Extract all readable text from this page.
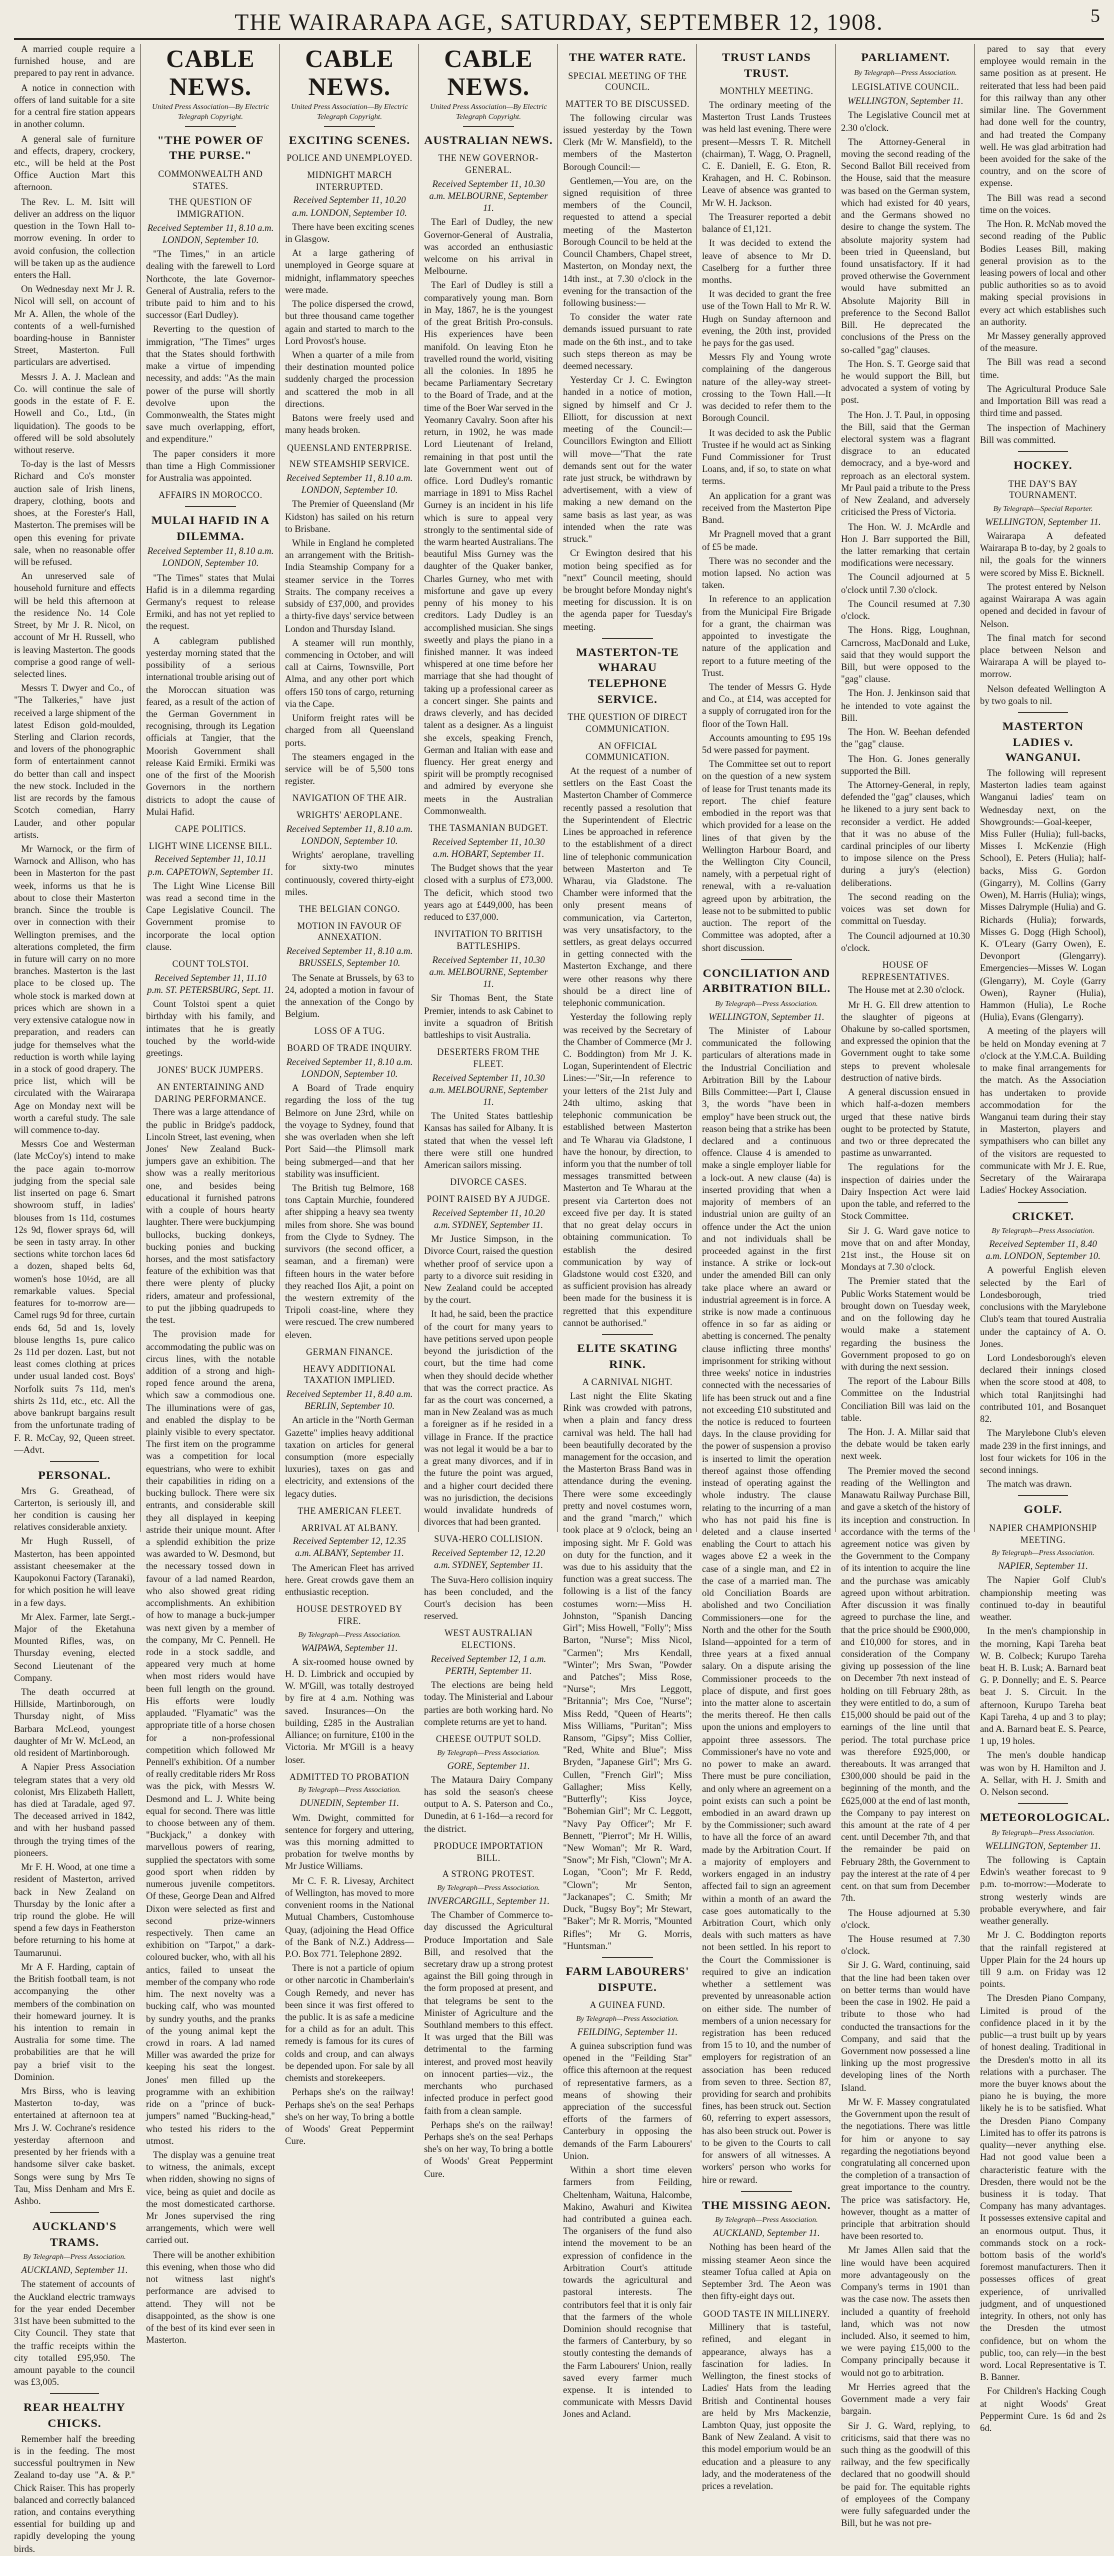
THE WAIRARAPA AGE, SATURDAY, SEPTEMBER 12, 1908.	5

A married couple require a furnished house, and are prepared to pay rent in advance.

A notice in connection with offers of land suitable for a site for a central fire station appears in another column.

A general sale of furniture and effects, drapery, crockery, etc., will be held at the Post Office Auction Mart this afternoon.

The Rev. L. M. Isitt will deliver an address on the liquor question in the Town Hall to-morrow evening. In order to avoid confusion, the collection will be taken up as the audience enters the Hall.

On Wednesday next Mr J. R. Nicol will sell, on account of Mr A. Allen, the whole of the contents of a well-furnished boarding-house in Bannister Street, Masterton. Full particulars are advertised.

Messrs J. A. J. Maclean and Co. will continue the sale of goods in the estate of F. E. Howell and Co., Ltd., (in liquidation). The goods to be offered will be sold absolutely without reserve.

To-day is the last of Messrs Richard and Co's monster auction sale of Irish linens, drapery, clothing, boots and shoes, at the Forester's Hall, Masterton. The premises will be open this evening for private sale, when no reasonable offer will be refused.

An unreserved sale of household furniture and effects will be held this afternoon at the residence No. 14 Cole Street, by Mr J. R. Nicol, on account of Mr H. Russell, who is leaving Masterton. The goods comprise a good range of well-selected lines.

Messrs T. Dwyer and Co., of "The Talkeries," have just received a large shipment of the latest Edison gold-moulded, Sterling and Clarion records, and lovers of the phonographic form of entertainment cannot do better than call and inspect the new stock. Included in the list are records by the famous Scotch comedian, Harry Lauder, and other popular artists.

Mr Warnock, or the firm of Warnock and Allison, who has been in Masterton for the past week, informs us that he is about to close their Masterton branch. Since the trouble is over in connection with their Wellington premises, and the alterations completed, the firm in future will carry on no more branches. Masterton is the last place to be closed up. The whole stock is marked down at prices which are shown in a very extensive catalogue now in preparation, and readers can judge for themselves what the reduction is worth while laying in a stock of good drapery. The price list, which will be circulated with the Wairarapa Age on Monday next will be worth a careful study. The sale will commence to-day.

Messrs Coe and Westerman (late McCoy's) intend to make the pace again to-morrow judging from the special sale list inserted on page 6. Smart showroom stuff, in ladies' blouses from 1s 11d, costumes 12s 9d, flower sprays 6d, will be seen in tasty array. In other sections white torchon laces 6d a dozen, shaped belts 6d, women's hose 10½d, are all remarkable values. Special features for to-morrow are—Camel rugs 9d for three, curtain ends 6d, 5d and 1s, lovely blouse lengths 1s, pure calico 2s 11d per dozen. Last, but not least comes clothing at prices under usual landed cost. Boys' Norfolk suits 7s 11d, men's shirts 2s 11d, etc., etc. All the above bankrupt bargains result from the unfortunate trading of F. R. McCay, 92, Queen street.—Advt.

PERSONAL.

Mrs G. Greathead, of Carterton, is seriously ill, and her condition is causing her relatives considerable anxiety.

Mr Hugh Russell, of Masterton, has been appointed assistant cheesemaker at the Kaupokonui Factory (Taranaki), for which position he will leave in a few days.

Mr Alex. Farmer, late Sergt.-Major of the Eketahuna Mounted Rifles, was, on Thursday evening, elected Second Lieutenant of the Company.

The death occurred at Hillside, Martinborough, on Thursday night, of Miss Barbara McLeod, youngest daughter of Mr W. McLeod, an old resident of Martinborough.

A Napier Press Association telegram states that a very old colonist, Mrs Elizabeth Hallett, has died at Taradale, aged 97. The deceased arrived in 1842, and with her husband passed through the trying times of the pioneers.

Mr F. H. Wood, at one time a resident of Masterton, arrived back in New Zealand on Thursday by the Ionic after a trip round the globe. He will spend a few days in Featherston before returning to his home at Taumarunui.

Mr A F. Harding, captain of the British football team, is not accompanying the other members of the combination on their homeward journey. It is his intention to remain in Australia for some time. The probabilities are that he will pay a brief visit to the Dominion.

Mrs Birss, who is leaving Masterton to-day, was entertained at afternoon tea at Mrs J. W. Cochrane's residence yesterday afternoon and presented by her friends with a handsome silver cake basket. Songs were sung by Mrs Te Tau, Miss Denham and Mrs E. Ashbo.

AUCKLAND'S TRAMS.
By Telegraph—Press Association.

AUCKLAND, September 11.

The statement of accounts of the Auckland electric tramways for the year ended December 31st have been submitted to the City Council. They state that the traffic receipts within the city totalled £95,950. The amount payable to the council was £3,005.

REAR HEALTHY CHICKS.

Remember half the breeding is in the feeding. The most successful poultrymen in New Zealand to-day use "A. & P." Chick Raiser. This has properly balanced and correctly balanced ration, and contains everything essential for building up and rapidly developing the young birds.

CABLE NEWS.
United Press Association—By Electric Telegraph Copyright.
"THE POWER OF THE PURSE."
COMMONWEALTH AND STATES.
THE QUESTION OF IMMIGRATION.

Received September 11, 8.10 a.m. LONDON, September 10.

"The Times," in an article dealing with the farewell to Lord Northcote, the late Governor-General of Australia, refers to the tribute paid to him and to his successor (Earl Dudley).

Reverting to the question of immigration, "The Times" urges that the States should forthwith make a virtue of impending necessity, and adds: "As the main power of the purse will shortly devolve upon the Commonwealth, the States might save much overlapping, effort, and expenditure."

The paper considers it more than time a High Commissioner for Australia was appointed.

AFFAIRS IN MOROCCO.
MULAI HAFID IN A DILEMMA.

Received September 11, 8.10 a.m. LONDON, September 10.

"The Times" states that Mulai Hafid is in a dilemma regarding Germany's request to release Ermiki, and has not yet replied to the request.

A cablegram published yesterday morning stated that the possibility of a serious international trouble arising out of the Moroccan situation was feared, as a result of the action of the German Government in recognising, through its Legation officials at Tangier, that the Moorish Government shall release Kaid Ermiki. Ermiki was one of the first of the Moorish Governors in the northern districts to adopt the cause of Mulai Hafid.

CAPE POLITICS.
LIGHT WINE LICENSE BILL.

Received September 11, 10.11 p.m. CAPETOWN, September 11.

The Light Wine License Bill was read a second time in the Cape Legislative Council. The Government promise to incorporate the local option clause.

COUNT TOLSTOI.

Received September 11, 11.10 p.m. ST. PETERSBURG, Sept. 11.

Count Tolstoi spent a quiet birthday with his family, and intimates that he is greatly touched by the world-wide greetings.

JONES' BUCK JUMPERS.
AN ENTERTAINING AND DARING PERFORMANCE.

There was a large attendance of the public in Bridge's paddock, Lincoln Street, last evening, when Jones' New Zealand Buck-jumpers gave an exhibition. The show was a really meritorious one, and besides being educational it furnished patrons with a couple of hours hearty laughter. There were buckjumping bullocks, bucking donkeys, bucking ponies and bucking horses, and the most satisfactory feature of the exhibition was that there were plenty of plucky riders, amateur and professional, to put the jibbing quadrupeds to the test.

The provision made for accommodating the public was on circus lines, with the notable addition of a strong and high-roped fence around the arena, which saw a commodious one. The illuminations were of gas, and enabled the display to be plainly visible to every spectator. The first item on the programme was a competition for local equestrians, who were to exhibit their capabilities in riding on a bucking bullock. There were six entrants, and considerable skill they all displayed in keeping astride their unique mount. After a splendid exhibition the prize was awarded to W. Desmond, but the necessary tossed down in favour of a lad named Reardon, who also showed great riding accomplishments. An exhibition of how to manage a buck-jumper was next given by a member of the company, Mr C. Pennell. He rode in a stock saddle, and appeared very much at home when most riders would have been full length on the ground. His efforts were loudly applauded. "Flyamatic" was the appropriate title of a horse chosen for a non-professional competition which followed Mr Pennell's exhibition. Of a number of really creditable riders Mr Ross was the pick, with Messrs W. Desmond and L. J. White being equal for second. There was little to choose between any of them. "Buckjack," a donkey with marvellous powers of rearing, supplied the spectators with some good sport when ridden by numerous juvenile competitors. Of these, George Dean and Alfred Dixon were selected as first and second prize-winners respectively. Then came an exhibition on "Tarpot," a dark-coloured bucker, who, with all his antics, failed to unseat the member of the company who rode him. The next novelty was a bucking calf, who was mounted by sundry youths, and the pranks of the young animal kept the crowd in roars. A lad named Miller was awarded the prize for keeping his seat the longest. Jones' men filled up the programme with an exhibition ride on a "prince of buck-jumpers" named "Bucking-head," who tested his riders to the utmost.

The display was a genuine treat to witness, the animals, except when ridden, showing no signs of vice, being as quiet and docile as the most domesticated carthorse. Mr Jones supervised the ring arrangements, which were well carried out.

There will be another exhibition this evening, when those who did not witness last night's performance are advised to attend. They will not be disappointed, as the show is one of the best of its kind ever seen in Masterton.

CABLE NEWS.
United Press Association—By Electric Telegraph Copyright.
EXCITING SCENES.
POLICE AND UNEMPLOYED.
MIDNIGHT MARCH INTERRUPTED.

Received September 11, 10.20 a.m. LONDON, September 10.

There have been exciting scenes in Glasgow.

At a large gathering of unemployed in George square at midnight, inflammatory speeches were made.

The police dispersed the crowd, but three thousand came together again and started to march to the Lord Provost's house.

When a quarter of a mile from their destination mounted police suddenly charged the procession and scattered the mob in all directions.

Batons were freely used and many heads broken.

QUEENSLAND ENTERPRISE.
NEW STEAMSHIP SERVICE.

Received September 11, 8.10 a.m. LONDON, September 10.

The Premier of Queensland (Mr Kidston) has sailed on his return to Brisbane.

While in England he completed an arrangement with the British-India Steamship Company for a steamer service in the Torres Straits. The company receives a subsidy of £37,000, and provides a thirty-five days' service between London and Thursday Island.

A steamer will run monthly, commencing in October, and will call at Cairns, Townsville, Port Alma, and any other port which offers 150 tons of cargo, returning via the Cape.

Uniform freight rates will be charged from all Queensland ports.

The steamers engaged in the service will be of 5,500 tons register.

NAVIGATION OF THE AIR.
WRIGHTS' AEROPLANE.

Received September 11, 8.10 a.m. LONDON, September 10.

Wrights' aeroplane, travelling for sixty-two minutes continuously, covered thirty-eight miles.

THE BELGIAN CONGO.
MOTION IN FAVOUR OF ANNEXATION.

Received September 11, 8.10 a.m. BRUSSELS, September 10.

The Senate at Brussels, by 63 to 24, adopted a motion in favour of the annexation of the Congo by Belgium.

LOSS OF A TUG.
BOARD OF TRADE INQUIRY.

Received September 11, 8.10 a.m. LONDON, September 10.

A Board of Trade enquiry regarding the loss of the tug Belmore on June 23rd, while on the voyage to Sydney, found that she was overladen when she left Port Said—the Plimsoll mark being submerged—and that her stability was insufficient.

The British tug Belmore, 168 tons Captain Murchie, foundered after shipping a heavy sea twenty miles from shore. She was bound from the Clyde to Sydney. The survivors (the second officer, a seaman, and a fireman) were fifteen hours in the water before they reached Ilos Ajit, a point on the western extremity of the Tripoli coast-line, where they were rescued. The crew numbered eleven.

GERMAN FINANCE.
HEAVY ADDITIONAL TAXATION IMPLIED.

Received September 11, 8.40 a.m. BERLIN, September 10.

An article in the "North German Gazette" implies heavy additional taxation on articles for general consumption (more especially luxuries), taxes on gas and electricity, and extensions of the legacy duties.

THE AMERICAN FLEET.
ARRIVAL AT ALBANY.

Received September 12, 12.35 a.m. ALBANY, September 11.

The American Fleet has arrived here. Great crowds gave them an enthusiastic reception.

HOUSE DESTROYED BY FIRE.
By Telegraph—Press Association.

WAIPAWA, September 11.

A six-roomed house owned by H. D. Limbrick and occupied by W. M'Gill, was totally destroyed by fire at 4 a.m. Nothing was saved. Insurances—On the building, £285 in the Australian Alliance; on furniture, £100 in the Victoria. Mr M'Gill is a heavy loser.

ADMITTED TO PROBATION
By Telegraph—Press Association.

DUNEDIN, September 11.

Wm. Dwight, committed for sentence for forgery and uttering, was this morning admitted to probation for twelve months by Mr Justice Williams.

Mr C. F. R. Livesay, Architect of Wellington, has moved to more convenient rooms in the National Mutual Chambers, Customhouse Quay, (adjoining the Head Office of the Bank of N.Z.) Address—P.O. Box 771. Telephone 2892.

There is not a particle of opium or other narcotic in Chamberlain's Cough Remedy, and never has been since it was first offered to the public. It is as safe a medicine for a child as for an adult. This remedy is famous for its cures of colds and croup, and can always be depended upon. For sale by all chemists and storekeepers.

Perhaps she's on the railway! Perhaps she's on the sea! Perhaps she's on her way, To bring a bottle of Woods' Great Peppermint Cure.

CABLE NEWS.
United Press Association—By Electric Telegraph Copyright.
AUSTRALIAN NEWS.
THE NEW GOVERNOR-GENERAL.

Received September 11, 10.30 a.m. MELBOURNE, September 11.

The Earl of Dudley, the new Governor-General of Australia, was accorded an enthusiastic welcome on his arrival in Melbourne.

The Earl of Dudley is still a comparatively young man. Born in May, 1867, he is the youngest of the great British Pro-consuls. His experiences have been manifold. On leaving Eton he travelled round the world, visiting all the colonies. In 1895 he became Parliamentary Secretary to the Board of Trade, and at the time of the Boer War served in the Yeomanry Cavalry. Soon after his return, in 1902, he was made Lord Lieutenant of Ireland, remaining in that post until the late Government went out of office. Lord Dudley's romantic marriage in 1891 to Miss Rachel Gurney is an incident in his life which is sure to appeal very strongly to the sentimental side of the warm hearted Australians. The beautiful Miss Gurney was the daughter of the Quaker banker, Charles Gurney, who met with misfortune and gave up every penny of his money to his creditors. Lady Dudley is an accomplished musician. She sings sweetly and plays the piano in a finished manner. It was indeed whispered at one time before her marriage that she had thought of taking up a professional career as a concert singer. She paints and draws cleverly, and has decided talent as a designer. As a linguist she excels, speaking French, German and Italian with ease and fluency. Her great energy and spirit will be promptly recognised and admired by everyone she meets in the Australian Commonwealth.

THE TASMANIAN BUDGET.

Received September 11, 10.30 a.m. HOBART, September 11.

The Budget shows that the year closed with a surplus of £73,000. The deficit, which stood two years ago at £449,000, has been reduced to £37,000.

INVITATION TO BRITISH BATTLESHIPS.

Received September 11, 10.30 a.m. MELBOURNE, September 11.

Sir Thomas Bent, the State Premier, intends to ask Cabinet to invite a squadron of British battleships to visit Australia.

DESERTERS FROM THE FLEET.

Received September 11, 10.30 a.m. MELBOURNE, September 11.

The United States battleship Kansas has sailed for Albany. It is stated that when the vessel left there were still one hundred American sailors missing.

DIVORCE CASES.
POINT RAISED BY A JUDGE.

Received September 11, 10.20 a.m. SYDNEY, September 11.

Mr Justice Simpson, in the Divorce Court, raised the question whether proof of service upon a party to a divorce suit residing in New Zealand could be accepted by the court.

It had, he said, been the practice of the court for many years to have petitions served upon people beyond the jurisdiction of the court, but the time had come when they should decide whether that was the correct practice. As far as the court was concerned, a man in New Zealand was as much a foreigner as if he resided in a village in France. If the practice was not legal it would be a bar to a great many divorces, and if in the future the point was argued, and a higher court decided there was no jurisdiction, the decisions would invalidate hundreds of divorces that had been granted.

SUVA-HERO COLLISION.

Received September 12, 12.20 a.m. SYDNEY, September 11.

The Suva-Hero collision inquiry has been concluded, and the Court's decision has been reserved.

WEST AUSTRALIAN ELECTIONS.

Received September 12, 1 a.m. PERTH, September 11.

The elections are being held today. The Ministerial and Labour parties are both working hard. No complete returns are yet to hand.

CHEESE OUTPUT SOLD.
By Telegraph—Press Association.

GORE, September 11.

The Mataura Dairy Company has sold the season's cheese output to A. S. Paterson and Co., Dunedin, at 6 1-16d—a record for the district.

PRODUCE IMPORTATION BILL.
A STRONG PROTEST.
By Telegraph—Press Association.

INVERCARGILL, September 11.

The Chamber of Commerce to-day discussed the Agricultural Produce Importation and Sale Bill, and resolved that the secretary draw up a strong protest against the Bill going through in the form proposed at present, and that telegrams be sent to the Minister of Agriculture and the Southland members to this effect. It was urged that the Bill was detrimental to the farming interest, and proved most heavily on innocent parties—viz., the merchants who purchased infected produce in perfect good faith from a clean sample.

Perhaps she's on the railway! Perhaps she's on the sea! Perhaps she's on her way, To bring a bottle of Woods' Great Peppermint Cure.

THE WATER RATE.
SPECIAL MEETING OF THE COUNCIL.
MATTER TO BE DISCUSSED.

The following circular was issued yesterday by the Town Clerk (Mr W. Mansfield), to the members of the Masterton Borough Council:—

Gentlemen,—You are, on the signed requisition of three members of the Council, requested to attend a special meeting of the Masterton Borough Council to be held at the Council Chambers, Chapel street, Masterton, on Monday next, the 14th inst., at 7.30 o'clock in the evening for the transaction of the following business:—

To consider the water rate demands issued pursuant to rate made on the 6th inst., and to take such steps thereon as may be deemed necessary.

Yesterday Cr J. C. Ewington handed in a notice of motion, signed by himself and Cr J. Elliott, for discussion at next meeting of the Council:—Councillors Ewington and Elliott will move—"That the rate demands sent out for the water rate just struck, be withdrawn by advertisement, with a view of making a new demand on the same basis as last year, as was intended when the rate was struck."

Cr Ewington desired that his motion being specified as for "next" Council meeting, should be brought before Monday night's meeting for discussion. It is on the agenda paper for Tuesday's meeting.

MASTERTON-TE WHARAU TELEPHONE SERVICE.
THE QUESTION OF DIRECT COMMUNICATION.
AN OFFICIAL COMMUNICATION.

At the request of a number of settlers on the East Coast the Masterton Chamber of Commerce recently passed a resolution that the Superintendent of Electric Lines be approached in reference to the establishment of a direct line of telephonic communication between Masterton and Te Wharau, via Gladstone. The Chamber were informed that the only present means of communication, via Carterton, was very unsatisfactory, to the settlers, as great delays occurred in getting connected with the Masterton Exchange, and there were other reasons why there should be a direct line of telephonic communication.

Yesterday the following reply was received by the Secretary of the Chamber of Commerce (Mr J. C. Boddington) from Mr J. K. Logan, Superintendent of Electric Lines:—"Sir,—In reference to your letters of the 21st July and 24th ultimo, asking that telephonic communication be established between Masterton and Te Wharau via Gladstone, I have the honour, by direction, to inform you that the number of toll messages transmitted between Masterton and Te Wharau at the present via Carterton does not exceed five per day. It is stated that no great delay occurs in obtaining communication. To establish the desired communication by way of Gladstone would cost £320, and as sufficient provision has already been made for the business it is regretted that this expenditure cannot be authorised."

ELITE SKATING RINK.
A CARNIVAL NIGHT.

Last night the Elite Skating Rink was crowded with patrons, when a plain and fancy dress carnival was held. The hall had been beautifully decorated by the management for the occasion, and the Masterton Brass Band was in attendance during the evening. There were some exceedingly pretty and novel costumes worn, and the grand "march," which took place at 9 o'clock, being an imposing sight. Mr F. Gold was on duty for the function, and it was due to his assiduity that the function was a great success. The following is a list of the fancy costumes worn:—Miss H. Johnston, "Spanish Dancing Girl"; Miss Howell, "Folly"; Miss Barton, "Nurse"; Miss Nicol, "Carmen"; Mrs Kendall, "Winter"; Mrs Swan, "Powder and Patches"; Miss Rose, "Nurse"; Mrs Leggott, "Britannia"; Mrs Coe, "Nurse"; Miss Redd, "Queen of Hearts"; Miss Williams, "Puritan"; Miss Ransom, "Gipsy"; Miss Collier, "Red, White and Blue"; Miss Bryden, "Japanese Girl"; Mrs G. Cullen, "French Girl"; Miss Gallagher; Miss Kelly, "Butterfly"; Kiss Joyce, "Bohemian Girl"; Mr C. Leggott, "Navy Pay Officer"; Mr F. Bennett, "Pierrot"; Mr H. Willis, "New Woman"; Mr R. Ward, "Snow"; Mr Fish, "Clown"; Mr A. Logan, "Coon"; Mr F. Redd, "Clown"; Mr Senton, "Jackanapes"; C. Smith; Mr Duck, "Bugsy Boy"; Mr Stewart, "Baker"; Mr R. Morris, "Mounted Rifles"; Mr G. Morris, "Huntsman."

FARM LABOURERS' DISPUTE.
A GUINEA FUND.
By Telegraph—Press Association.

FEILDING, September 11.

A guinea subscription fund was opened in the "Feilding Star" office this afternoon at the request of representative farmers, as a means of showing their appreciation of the successful efforts of the farmers of Canterbury in opposing the demands of the Farm Labourers' Union.

Within a short time eleven farmers from Feilding, Cheltenham, Waituna, Halcombe, Makino, Awahuri and Kiwitea had contributed a guinea each. The organisers of the fund also intend the movement to be an expression of confidence in the Arbitration Court's attitude towards the agricultural and pastoral interests. The contributors feel that it is only fair that the farmers of the whole Dominion should recognise that the farmers of Canterbury, by so stoutly contesting the demands of the Farm Labourers' Union, really saved every farmer much expense. It is intended to communicate with Messrs David Jones and Acland.

TRUST LANDS TRUST.
MONTHLY MEETING.

The ordinary meeting of the Masterton Trust Lands Trustees was held last evening. There were present—Messrs T. R. Mitchell (chairman), T. Wagg, O. Pragnell, C. E. Daniell, E. G. Eton, R. Krahagen, and H. C. Robinson. Leave of absence was granted to Mr W. H. Jackson.

The Treasurer reported a debit balance of £1,121.

It was decided to extend the leave of absence to Mr D. Caselberg for a further three months.

It was decided to grant the free use of the Town Hall to Mr R. W. Hugh on Sunday afternoon and evening, the 20th inst, provided he pays for the gas used.

Messrs Fly and Young wrote complaining of the dangerous nature of the alley-way street-crossing to the Town Hall.—It was decided to refer them to the Borough Council.

It was decided to ask the Public Trustee if he would act as Sinking Fund Commissioner for Trust Loans, and, if so, to state on what terms.

An application for a grant was received from the Masterton Pipe Band.

Mr Pragnell moved that a grant of £5 be made.

There was no seconder and the motion lapsed. No action was taken.

In reference to an application from the Municipal Fire Brigade for a grant, the chairman was appointed to investigate the nature of the application and report to a future meeting of the Trust.

The tender of Messrs G. Hyde and Co., at £14, was accepted for a supply of corrugated iron for the floor of the Town Hall.

Accounts amounting to £95 19s 5d were passed for payment.

The Committee set out to report on the question of a new system of lease for Trust tenants made its report. The chief feature embodied in the report was that which provided for a lease on the lines of that given by the Wellington Harbour Board, and the Wellington City Council, namely, with a perpetual right of renewal, with a re-valuation agreed upon by arbitration, the lease not to be submitted to public auction. The report of the Committee was adopted, after a short discussion.

CONCILIATION AND ARBITRATION BILL.
By Telegraph—Press Association.

WELLINGTON, September 11.

The Minister of Labour communicated the following particulars of alterations made in the Industrial Conciliation and Arbitration Bill by the Labour Bills Committee:—Part I, Clause 3, the words "have been in employ" have been struck out, the reason being that a strike has been declared and a continuous offence. Clause 4 is amended to make a single employer liable for a lock-out. A new clause (4a) is inserted providing that when a majority of members of an industrial union are guilty of an offence under the Act the union and not individuals shall be proceeded against in the first instance. A strike or lock-out under the amended Bill can only take place where an award or industrial agreement is in force. A strike is now made a continuous offence in so far as aiding or abetting is concerned. The penalty clause inflicting three months' imprisonment for striking without three weeks' notice in industries connected with the necessaries of life has been struck out and a fine not exceeding £10 substituted and the notice is reduced to fourteen days. In the clause providing for the power of suspension a proviso is inserted to limit the operation thereof against those offending instead of operating against the whole industry. The clause relating to the incurring of a man who has not paid his fine is deleted and a clause inserted enabling the Court to attach his wages above £2 a week in the case of a single man, and £2 in the case of a married man. The old Conciliation Boards are abolished and two Conciliation Commissioners—one for the North and the other for the South Island—appointed for a term of three years at a fixed annual salary. On a dispute arising the Commissioner proceeds to the place of dispute, and first goes into the matter alone to ascertain the merits thereof. He then calls upon the unions and employers to appoint three assessors. The Commissioner's have no vote and no power to make an award. There must be pure conciliation, and only where an agreement on a point exists can such a point be embodied in an award drawn up by the Commissioner; such award to have all the force of an award made by the Arbitration Court. If a majority of employers and workers engaged in an industry affected fail to sign an agreement within a month of an award the case goes automatically to the Arbitration Court, which only deals with such matters as have not been settled. In his report to the Court the Commissioner is required to give an indication whether a settlement was prevented by unreasonable action on either side. The number of members of a union necessary for registration has been reduced from 15 to 10, and the number of employers for registration of an association has been reduced from seven to three. Section 87, providing for search and prohibits fines, has been struck out. Section 60, referring to expert assessors, has also been struck out. Power is to be given to the Courts to call for answers of all witnesses. A workers' person who works for hire or reward.

THE MISSING AEON.
By Telegraph—Press Association.

AUCKLAND, September 11.

Nothing has been heard of the missing steamer Aeon since the steamer Tofua called at Apia on September 3rd. The Aeon was then fifty-eight days out.

GOOD TASTE IN MILLINERY.

Millinery that is tasteful, refined, and elegant in appearance, always has a fascination for ladies. In Wellington, the finest stocks of Ladies' Hats from the leading British and Continental houses are held by Mrs Mackenzie, Lambton Quay, just opposite the Bank of New Zealand. A visit to this model emporium would be an education and a pleasure to any lady, and the moderateness of the prices a revelation.

PARLIAMENT.
By Telegraph—Press Association.
LEGISLATIVE COUNCIL.

WELLINGTON, September 11.

The Legislative Council met at 2.30 o'clock.

The Attorney-General in moving the second reading of the Second Ballot Bill received from the House, said that the measure was based on the German system, which had existed for 40 years, and the Germans showed no desire to change the system. The absolute majority system had been tried in Queensland, but found unsatisfactory. If it had proved otherwise the Government would have submitted an Absolute Majority Bill in preference to the Second Ballot Bill. He deprecated the conclusions of the Press on the so-called "gag" clauses.

The Hon. S. T. George said that he would support the Bill, but advocated a system of voting by post.

The Hon. J. T. Paul, in opposing the Bill, said that the German electoral system was a flagrant disgrace to an educated democracy, and a bye-word and reproach as an electoral system. Mr Paul paid a tribute to the Press of New Zealand, and adversely criticised the Press of Victoria.

The Hon. W. J. McArdle and Hon J. Barr supported the Bill, the latter remarking that certain modifications were necessary.

The Council adjourned at 5 o'clock until 7.30 o'clock.

The Council resumed at 7.30 o'clock.

The Hons. Rigg, Loughnan, Carncross, MacDonald and Luke, said that they would support the Bill, but were opposed to the "gag" clause.

The Hon. J. Jenkinson said that he intended to vote against the Bill.

The Hon. W. Beehan defended the "gag" clause.

The Hon. G. Jones generally supported the Bill.

The Attorney-General, in reply, defended the "gag" clauses, which he likened to a jury sent back to reconsider a verdict. He added that it was no abuse of the cardinal principles of our liberty to impose silence on the Press during a jury's (election) deliberations.

The second reading on the voices was set down for committal on Tuesday.

The Council adjourned at 10.30 o'clock.

HOUSE OF REPRESENTATIVES.

The House met at 2.30 o'clock.

Mr H. G. Ell drew attention to the slaughter of pigeons at Ohakune by so-called sportsmen, and expressed the opinion that the Government ought to take some steps to prevent wholesale destruction of native birds.

A general discussion ensued in which half-a-dozen members urged that these native birds ought to be protected by Statute, and two or three deprecated the pastime as unwarranted.

The regulations for the inspection of dairies under the Dairy Inspection Act were laid upon the table, and referred to the Stock Committee.

Sir J. G. Ward gave notice to move that on and after Monday, 21st inst., the House sit on Mondays at 7.30 o'clock.

The Premier stated that the Public Works Statement would be brought down on Tuesday week, and on the following day he would make a statement regarding the business the Government proposed to go on with during the next session.

The report of the Labour Bills Committee on the Industrial Conciliation Bill was laid on the table.

The Hon. J. A. Millar said that the debate would be taken early next week.

The Premier moved the second reading of the Wellington and Manawatu Railway Purchase Bill, and gave a sketch of the history of its inception and construction. In accordance with the terms of the agreement notice was given by the Government to the Company of its intention to acquire the line and the purchase was amicably agreed upon without arbitration. After discussion it was finally agreed to purchase the line, and that the price should be £900,000, and £10,000 for stores, and in consideration of the Company giving up possession of the line on December 7th next instead of holding on till February 28th, as they were entitled to do, a sum of £15,000 should be paid out of the earnings of the line until that period. The total purchase price was therefore £925,000, or thereabouts. It was arranged that £300,000 should be paid in the beginning of the month, and the £625,000 at the end of last month, the Company to pay interest on this amount at the rate of 4 per cent. until December 7th, and that the remainder be paid on February 28th, the Government to pay the interest at the rate of 4 per cent. on that sum from December 7th.

The House adjourned at 5.30 o'clock.

The House resumed at 7.30 o'clock.

Sir J. G. Ward, continuing, said that the line had been taken over on better terms than would have been the case in 1902. He paid a tribute to those who had conducted the transactions for the Company, and said that the Government now possessed a line linking up the most progressive developing lines of the North Island.

Mr W. F. Massey congratulated the Government upon the result of the negotiations. There was little for him or anyone to say regarding the negotiations beyond congratulating all concerned upon the completion of a transaction of great importance to the country. The price was satisfactory. He, however, thought as a matter of principle that arbitration should have been resorted to.

Mr James Allen said that the line would have been acquired more advantageously on the Company's terms in 1901 than was the case now. The assets then included a quantity of freehold land, which was not now included. Also, it seemed to him, we were paying £15,000 to the Company principally because it would not go to arbitration.

Mr Herries agreed that the Government made a very fair bargain.

Sir J. G. Ward, replying, to criticisms, said that there was no such thing as the goodwill of this railway, and the few specifically declared that no goodwill should be paid for. The equitable rights of employees of the Company were fully safeguarded under the Bill, but he was not pre-

pared to say that every employee would remain in the same position as at present. He reiterated that less had been paid for this railway than any other similar line. The Government had done well for the country, and had treated the Company well. He was glad arbitration had been avoided for the sake of the country, and on the score of expense.

The Bill was read a second time on the voices.

The Hon. R. McNab moved the second reading of the Public Bodies Leases Bill, making general provision as to the leasing powers of local and other public authorities so as to avoid making special provisions in every act which establishes such an authority.

Mr Massey generally approved of the measure.

The Bill was read a second time.

The Agricultural Produce Sale and Importation Bill was read a third time and passed.

The inspection of Machinery Bill was committed.

HOCKEY.
THE DAY'S BAY TOURNAMENT.
By Telegraph—Special Reporter.

WELLINGTON, September 11.

Wairarapa A defeated Wairarapa B to-day, by 2 goals to nil, the goals for the winners were scored by Miss E. Bicknell.

The protest entered by Nelson against Wairarapa A was again opened and decided in favour of Nelson.

The final match for second place between Nelson and Wairarapa A will be played to-morrow.

Nelson defeated Wellington A by two goals to nil.

MASTERTON LADIES v. WANGANUI.

The following will represent Masterton ladies team against Wanganui ladies' team on Wednesday next, on the Showgrounds:—Goal-keeper, Miss Fuller (Hulia); full-backs, Misses I. McKenzie (High School), E. Peters (Hulia); half-backs, Miss G. Gordon (Gingarry), M. Collins (Garry Owen), M. Harris (Hulia); wings, Misses Dalrymple (Hulia) and G. Richards (Hulia); forwards, Misses G. Dogg (High School), K. O'Leary (Garry Owen), E. Devonport (Glengarry). Emergencies—Misses W. Logan (Glengarry), M. Coyle (Garry Owen), Rayner (Hulia), Hammon (Hulia), Le Roche (Hulia), Evans (Glengarry).

A meeting of the players will be held on Monday evening at 7 o'clock at the Y.M.C.A. Building to make final arrangements for the match. As the Association has undertaken to provide accommodation for the Wanganui team during their stay in Masterton, players and sympathisers who can billet any of the visitors are requested to communicate with Mr J. E. Rue, Secretary of the Wairarapa Ladies' Hockey Association.

CRICKET.
By Telegraph—Press Association.

Received September 11, 8.40 a.m. LONDON, September 10.

A powerful English eleven selected by the Earl of Londesborough, tried conclusions with the Marylebone Club's team that toured Australia under the captaincy of A. O. Jones.

Lord Londesborough's eleven declared their innings closed when the score stood at 408, to which total Ranjitsinghi had contributed 101, and Bosanquet 82.

The Marylebone Club's eleven made 239 in the first innings, and lost four wickets for 106 in the second innings.

The match was drawn.

GOLF.
NAPIER CHAMPIONSHIP MEETING.
By Telegraph—Press Association.

NAPIER, September 11.

The Napier Golf Club's championship meeting was continued to-day in beautiful weather.

In the men's championship in the morning, Kapi Tareha beat W. B. Colbeck; Kurupo Tareha beat H. B. Lusk; A. Barnard beat G. P. Donnelly; and E. S. Pearce beat J. S. Circuit. In the afternoon, Kurupo Tareha beat Kapi Tareha, 4 up and 3 to play; and A. Barnard beat E. S. Pearce, 1 up, 19 holes.

The men's double handicap was won by H. Hamilton and J. A. Sellar, with H. J. Smith and O. Nelson second.

METEOROLOGICAL.
By Telegraph—Press Association.

WELLINGTON, September 11.

The following is Captain Edwin's weather forecast to 9 p.m. to-morrow:—Moderate to strong westerly winds are probable everywhere, and fair weather generally.

Mr J. C. Boddington reports that the rainfall registered at Upper Plain for the 24 hours up till 9 a.m. on Friday was 12 points.

The Dresden Piano Company, Limited is proud of the confidence placed in it by the public—a trust built up by years of honest dealing. Traditional in the Dresden's motto in all its relations with a purchaser. The more the buyer knows about the piano he is buying, the more likely he is to be satisfied. What the Dresden Piano Company Limited has to offer its patrons is quality—never anything else. Had not good value been a characteristic feature with the Dresden, there would not be the business it is today. That Company has many advantages. It possesses extensive capital and an enormous output. Thus, it commands stock on a rock-bottom basis of the world's foremost manufacturers. Then it possesses offices of great experience, of unrivalled judgment, and of unquestioned integrity. In others, not only has the Dresden the utmost confidence, but on whom the public, too, can rely—in the best word. Local Representative is T. B. Banner.

For Children's Hacking Cough at night Woods' Great Peppermint Cure. 1s 6d and 2s 6d.
